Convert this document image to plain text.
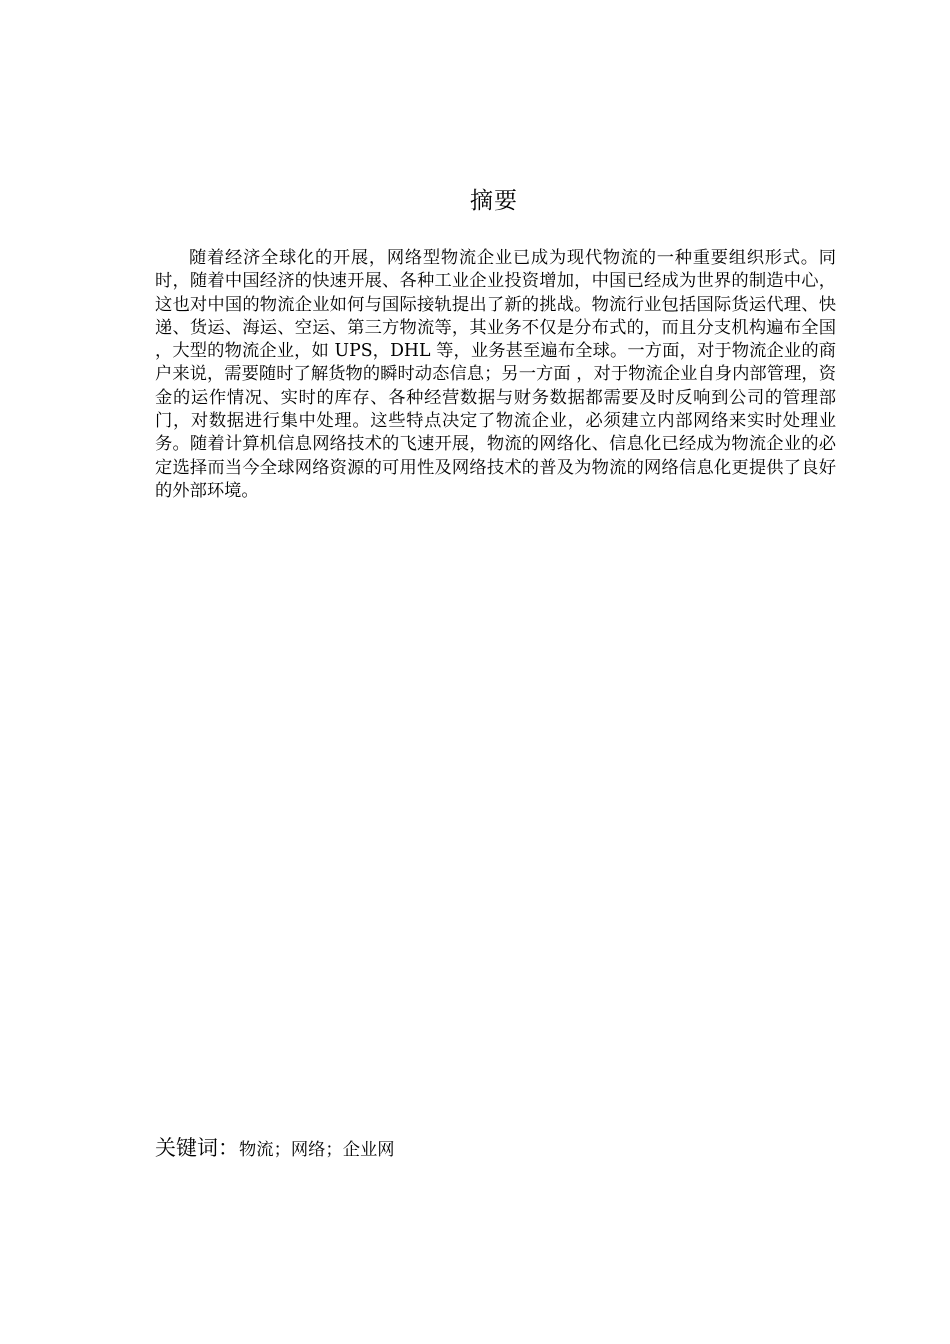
摘要

随着经济全球化的开展，网络型物流企业已成为现代物流的一种重要组织形式。同时，随着中国经济的快速开展、各种工业企业投资增加，中国已经成为世界的制造中心，这也对中国的物流企业如何与国际接轨提出了新的挑战。物流行业包括国际货运代理、快递、货运、海运、空运、第三方物流等，其业务不仅是分布式的，而且分支机构遍布全国 ，大型的物流企业，如 UPS，DHL 等，业务甚至遍布全球。一方面，对于物流企业的商户来说，需要随时了解货物的瞬时动态信息；另一方面 ，对于物流企业自身内部管理，资金的运作情况、实时的库存、各种经营数据与财务数据都需要及时反响到公司的管理部门，对数据进行集中处理。这些特点决定了物流企业，必须建立内部网络来实时处理业务。随着计算机信息网络技术的飞速开展，物流的网络化、信息化已经成为物流企业的必定选择而当今全球网络资源的可用性及网络技术的普及为物流的网络信息化更提供了良好的外部环境。

关键词：物流；网络；企业网
